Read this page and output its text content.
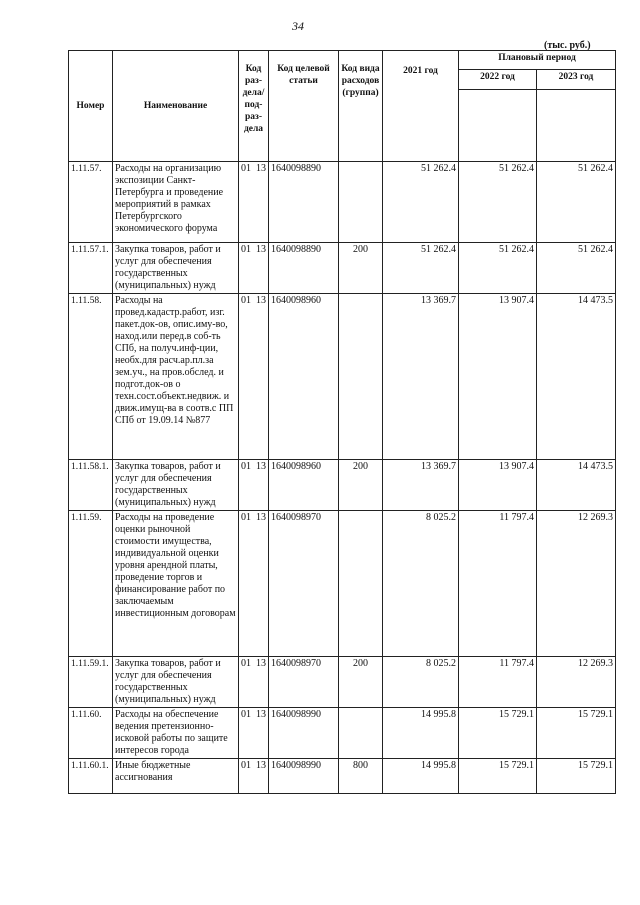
34
(тыс. руб.)
Номер	Наименование	Код раз-дела/ под-раз-дела	Код целевой статьи	Код вида расходов (группа)	2021 год	Плановый период	
						2022 год	2023 год

1.11.57.	Расходы на организацию экспозиции Санкт-Петербурга и проведение мероприятий в рамках Петербургского экономического форума	01 13	1640098890		51 262.4	51 262.4	51 262.4
1.11.57.1.	Закупка товаров, работ и услуг для обеспечения государственных (муниципальных) нужд	01 13	1640098890	200	51 262.4	51 262.4	51 262.4
1.11.58.	Расходы на провед.кадастр.работ, изг. пакет.док-ов, опис.иму-во, наход.или перед.в соб-ть СПб, на получ.инф-ции, необх.для расч.ар.пл.за зем.уч., на пров.обслед. и подгот.док-ов о техн.сост.объект.недвиж. и движ.имущ-ва в соотв.с ПП СПб от 19.09.14 №877	01 13	1640098960		13 369.7	13 907.4	14 473.5
1.11.58.1.	Закупка товаров, работ и услуг для обеспечения государственных (муниципальных) нужд	01 13	1640098960	200	13 369.7	13 907.4	14 473.5
1.11.59.	Расходы на проведение оценки рыночной стоимости имущества, индивидуальной оценки уровня арендной платы, проведение торгов и финансирование работ по заключаемым инвестиционным договорам	01 13	1640098970		8 025.2	11 797.4	12 269.3
1.11.59.1.	Закупка товаров, работ и услуг для обеспечения государственных (муниципальных) нужд	01 13	1640098970	200	8 025.2	11 797.4	12 269.3
1.11.60.	Расходы на обеспечение ведения претензионно-исковой работы по защите интересов города	01 13	1640098990		14 995.8	15 729.1	15 729.1
1.11.60.1.	Иные бюджетные ассигнования	01 13	1640098990	800	14 995.8	15 729.1	15 729.1
